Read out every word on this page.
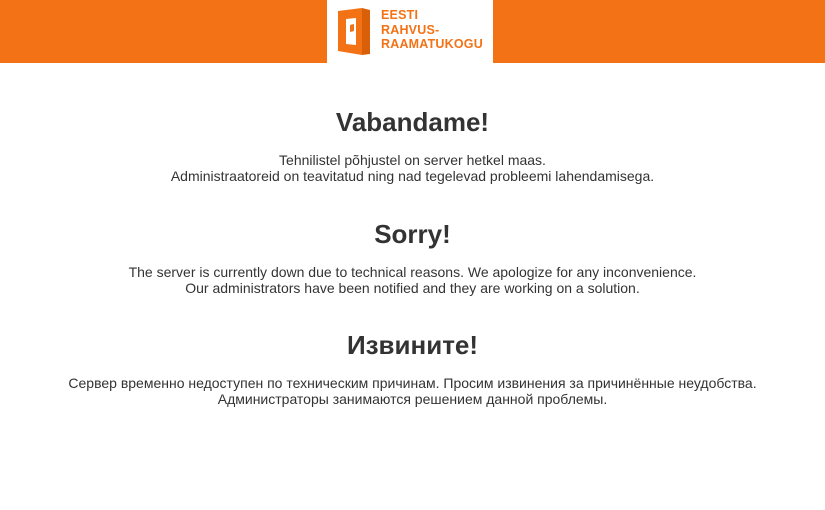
EESTI
RAHVUS-
RAAMATUKOGU
Vabandame!

Tehnilistel põhjustel on server hetkel maas.
Administraatoreid on teavitatud ning nad tegelevad probleemi lahendamisega.

Sorry!

The server is currently down due to technical reasons. We apologize for any inconvenience.
Our administrators have been notified and they are working on a solution.

Извините!

Сервер временно недоступен по техническим причинам. Просим извинения за причинённые неудобства.
Администраторы занимаются решением данной проблемы.
